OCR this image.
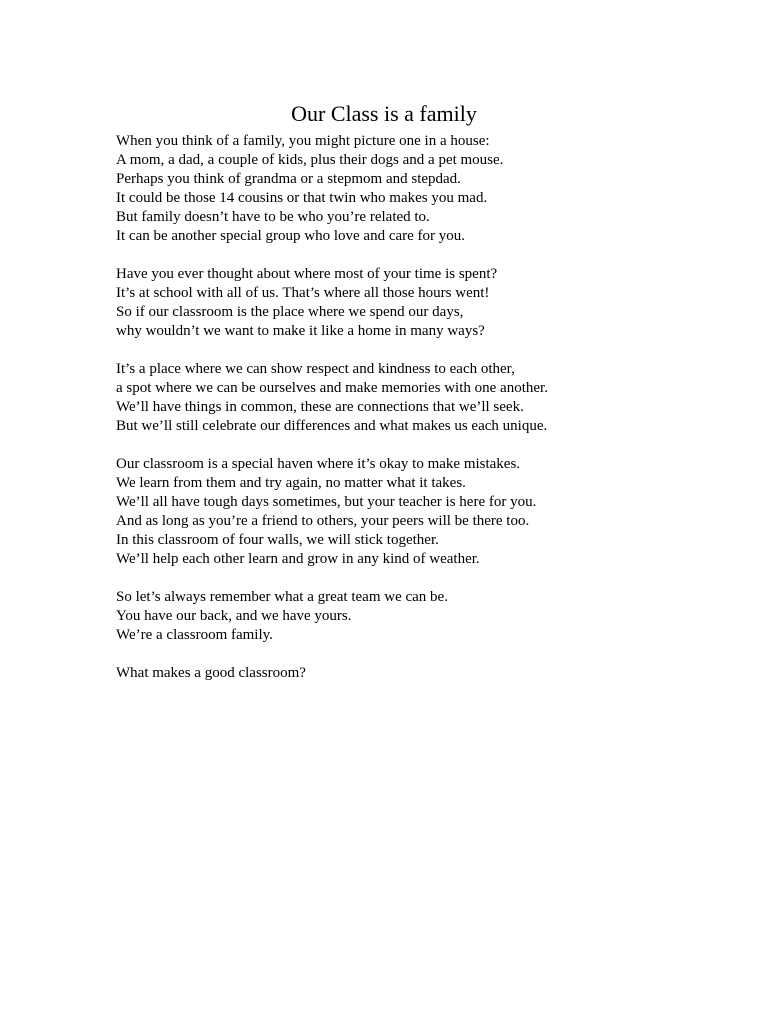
Our Class is a family
When you think of a family, you might picture one in a house:
A mom, a dad, a couple of kids, plus their dogs and a pet mouse.
Perhaps you think of grandma or a stepmom and stepdad.
It could be those 14 cousins or that twin who makes you mad.
But family doesn’t have to be who you’re related to.
It can be another special group who love and care for you.
Have you ever thought about where most of your time is spent?
It’s at school with all of us. That’s where all those hours went!
So if our classroom is the place where we spend our days,
why wouldn’t we want to make it like a home in many ways?
It’s a place where we can show respect and kindness to each other,
a spot where we can be ourselves and make memories with one another.
We’ll have things in common, these are connections that we’ll seek.
But we’ll still celebrate our differences and what makes us each unique.
Our classroom is a special haven where it’s okay to make mistakes.
We learn from them and try again, no matter what it takes.
We’ll all have tough days sometimes, but your teacher is here for you.
And as long as you’re a friend to others, your peers will be there too.
In this classroom of four walls, we will stick together.
We’ll help each other learn and grow in any kind of weather.
So let’s always remember what a great team we can be.
You have our back, and we have yours.
We’re a classroom family.
What makes a good classroom?
